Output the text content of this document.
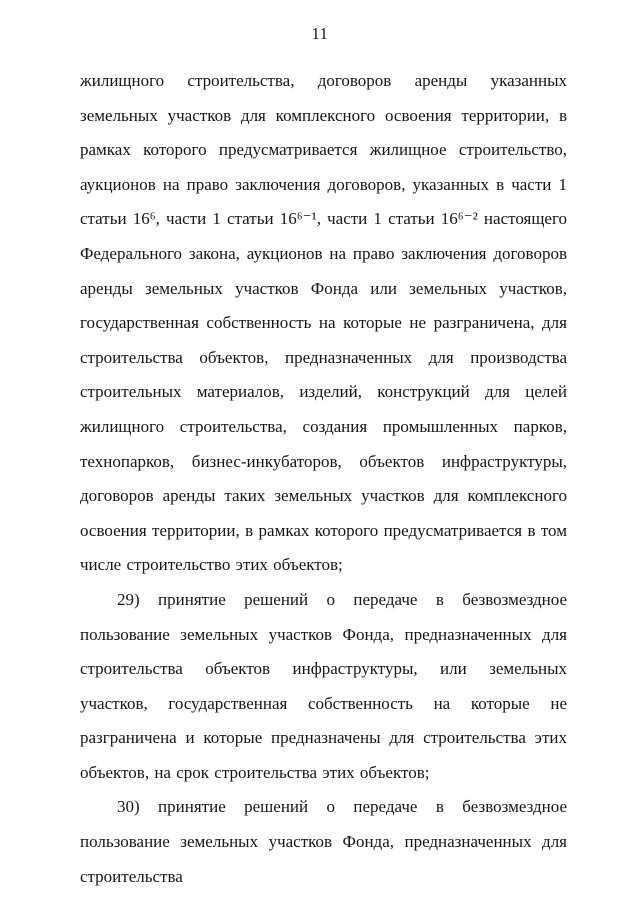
11

жилищного строительства, договоров аренды указанных земельных участков для комплексного освоения территории, в рамках которого предусматривается жилищное строительство, аукционов на право заключения договоров, указанных в части 1 статьи 16⁶, части 1 статьи 16⁶⁻¹, части 1 статьи 16⁶⁻² настоящего Федерального закона, аукционов на право заключения договоров аренды земельных участков Фонда или земельных участков, государственная собственность на которые не разграничена, для строительства объектов, предназначенных для производства строительных материалов, изделий, конструкций для целей жилищного строительства, создания промышленных парков, технопарков, бизнес-инкубаторов, объектов инфраструктуры, договоров аренды таких земельных участков для комплексного освоения территории, в рамках которого предусматривается в том числе строительство этих объектов;

29) принятие решений о передаче в безвозмездное пользование земельных участков Фонда, предназначенных для строительства объектов инфраструктуры, или земельных участков, государственная собственность на которые не разграничена и которые предназначены для строительства этих объектов, на срок строительства этих объектов;

30) принятие решений о передаче в безвозмездное пользование земельных участков Фонда, предназначенных для строительства
